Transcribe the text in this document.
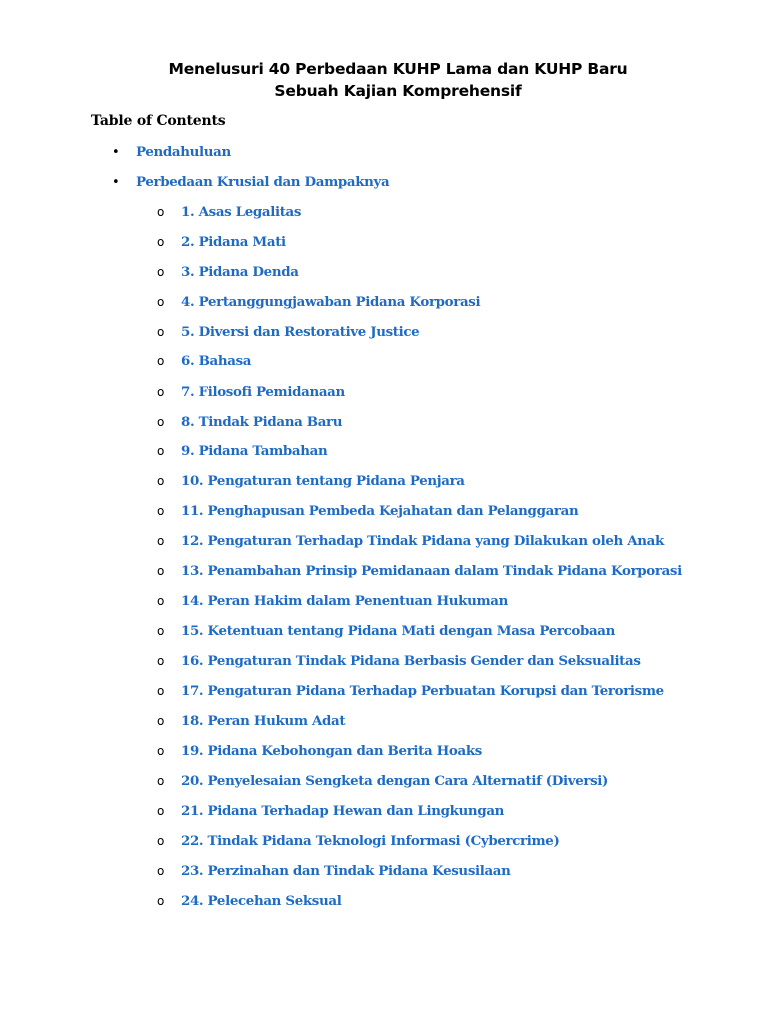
Menelusuri 40 Perbedaan KUHP Lama dan KUHP Baru
Sebuah Kajian Komprehensif
Table of Contents
•	Pendahuluan
•	Perbedaan Krusial dan Dampaknya
o	1. Asas Legalitas
o	2. Pidana Mati
o	3. Pidana Denda
o	4. Pertanggungjawaban Pidana Korporasi
o	5. Diversi dan Restorative Justice
o	6. Bahasa
o	7. Filosofi Pemidanaan
o	8. Tindak Pidana Baru
o	9. Pidana Tambahan
o	10. Pengaturan tentang Pidana Penjara
o	11. Penghapusan Pembeda Kejahatan dan Pelanggaran
o	12. Pengaturan Terhadap Tindak Pidana yang Dilakukan oleh Anak
o	13. Penambahan Prinsip Pemidanaan dalam Tindak Pidana Korporasi
o	14. Peran Hakim dalam Penentuan Hukuman
o	15. Ketentuan tentang Pidana Mati dengan Masa Percobaan
o	16. Pengaturan Tindak Pidana Berbasis Gender dan Seksualitas
o	17. Pengaturan Pidana Terhadap Perbuatan Korupsi dan Terorisme
o	18. Peran Hukum Adat
o	19. Pidana Kebohongan dan Berita Hoaks
o	20. Penyelesaian Sengketa dengan Cara Alternatif (Diversi)
o	21. Pidana Terhadap Hewan dan Lingkungan
o	22. Tindak Pidana Teknologi Informasi (Cybercrime)
o	23. Perzinahan dan Tindak Pidana Kesusilaan
o	24. Pelecehan Seksual
